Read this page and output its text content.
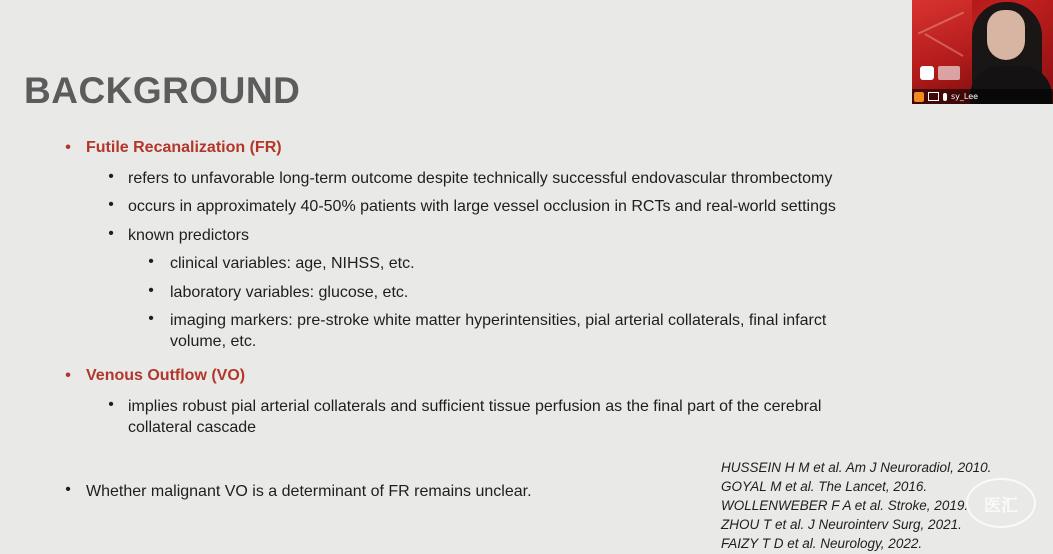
BACKGROUND
• Futile Recanalization (FR)
• refers to unfavorable long-term outcome despite technically successful endovascular thrombectomy
• occurs in approximately 40-50% patients with large vessel occlusion in RCTs and real-world settings
• known predictors
• clinical variables: age, NIHSS, etc.
• laboratory variables: glucose, etc.
• imaging markers: pre-stroke white matter hyperintensities, pial arterial collaterals, final infarct
volume, etc.
• Venous Outflow (VO)
• implies robust pial arterial collaterals and sufficient tissue perfusion as the final part of the cerebral
collateral cascade
• Whether malignant VO is a determinant of FR remains unclear.
HUSSEIN H M et al. Am J Neuroradiol, 2010.
GOYAL M et al. The Lancet, 2016.
WOLLENWEBER F A et al. Stroke, 2019.
ZHOU T et al. J Neurointerv Surg, 2021.
FAIZY T D et al. Neurology, 2022.
sy_Lee
医汇
